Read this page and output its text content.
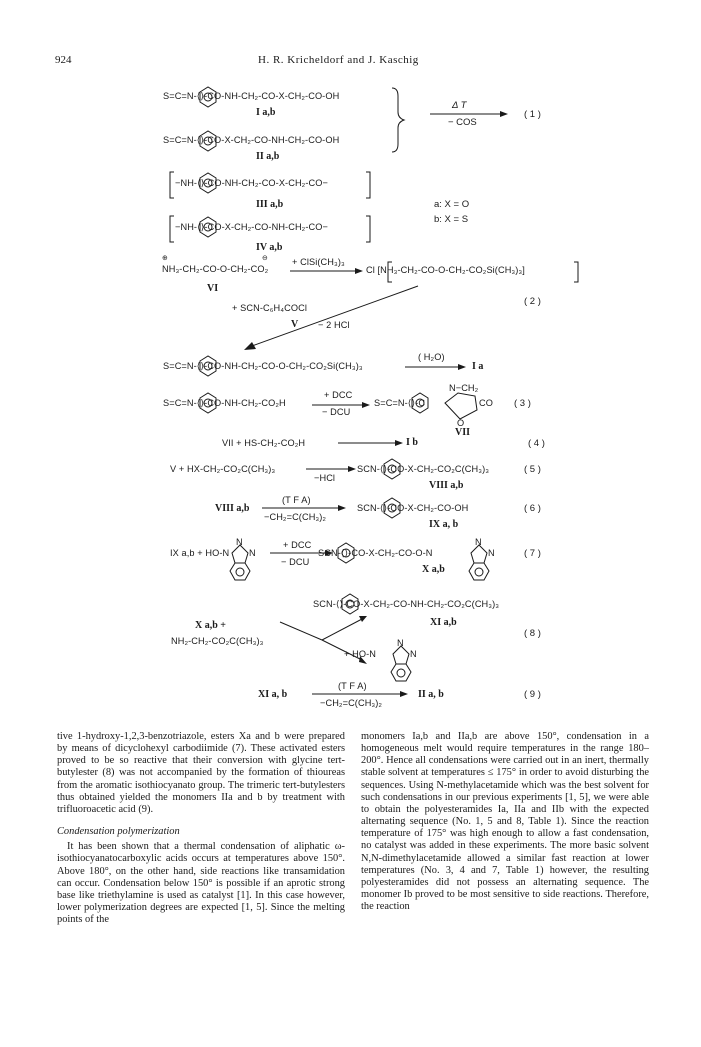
924	H. R. Kricheldorf and J. Kaschig
S=C=N-⟨⟩-CO-NH-CH₂-CO-X-CH₂-CO-OH
I a,b
S=C=N-⟨⟩-CO-X-CH₂-CO-NH-CH₂-CO-OH
II a,b
Δ T
− COS
( 1 )
−NH-⟨⟩-CO-NH-CH₂-CO-X-CH₂-CO−
III a,b	a: X = O
b: X = S
−NH-⟨⟩-CO-X-CH₂-CO-NH-CH₂-CO−
IV a,b
⊕
NH₃-CH₂-CO-O-CH₂-CO₂
⊖	+ ClSi(CH₃)₃
Cl [NH₃-CH₂-CO-O-CH₂-CO₂Si(CH₃)₃]
VI
( 2 )
+ SCN-C₆H₄COCl
V − 2 HCl
S=C=N-⟨⟩-CO-NH-CH₂-CO-O-CH₂-CO₂Si(CH₃)₃
( H₂O)
I a
S=C=N-⟨⟩-CO-NH-CH₂-CO₂H
+ DCC
− DCU
S=C=N-⟨⟩-C
N−CH₂
CO
O
( 3 )
VII
VII + HS-CH₂-CO₂H	I b	( 4 )
V + HX-CH₂-CO₂C(CH₃)₃
−HCl
SCN-⟨⟩-CO-X-CH₂-CO₂C(CH₃)₃
VIII a,b
( 5 )
VIII a,b
(T F A)
−CH₂=C(CH₃)₂
SCN-⟨⟩-CO-X-CH₂-CO-OH
IX a, b
( 6 )
IX a,b + HO-N
N
N
+ DCC
− DCU
SCN-⟨⟩-CO-X-CH₂-CO-O-N
N
N
X a,b
( 7 )
SCN-⟨⟩-CO-X-CH₂-CO-NH-CH₂-CO₂C(CH₃)₃
XI a,b
X a,b +
NH₂-CH₂-CO₂C(CH₃)₃
+ HO-N
N
N
( 8 )
XI a, b
(T F A)
−CH₂=C(CH₃)₂
II a, b	( 9 )

tive 1-hydroxy-1,2,3-benzotriazole, esters Xa and b were prepared by means of dicyclohexyl carbodiimide (7). These activated esters proved to be so reactive that their conversion with glycine tert-butylester (8) was not accompanied by the formation of thioureas from the aromatic isothiocyanato group. The trimeric tert-butylesters thus obtained yielded the monomers IIa and b by treatment with trifluoroacetic acid (9).

Condensation polymerization

It has been shown that a thermal condensation of aliphatic ω-isothiocyanatocarboxylic acids occurs at temperatures above 150°. Above 180°, on the other hand, side reactions like transamidation can occur. Condensation below 150° is possible if an aprotic strong base like triethylamine is used as catalyst [1]. In this case however, lower polymerization degrees are expected [1, 5]. Since the melting points of the

monomers Ia,b and IIa,b are above 150°, condensation in a homogeneous melt would require temperatures in the range 180–200°. Hence all condensations were carried out in an inert, thermally stable solvent at temperatures ≤ 175° in order to avoid disturbing the sequences. Using N-methylacetamide which was the best solvent for such condensations in our previous experiments [1, 5], we were able to obtain the polyesteramides Ia, IIa and IIb with the expected alternating sequence (No. 1, 5 and 8, Table 1). Since the reaction temperature of 175° was high enough to allow a fast condensation, no catalyst was added in these experiments. The more basic solvent N,N-dimethylacetamide allowed a similar fast reaction at lower temperatures (No. 3, 4 and 7, Table 1) however, the resulting polyesteramides did not possess an alternating sequence. The monomer Ib proved to be most sensitive to side reactions. Therefore, the reaction
